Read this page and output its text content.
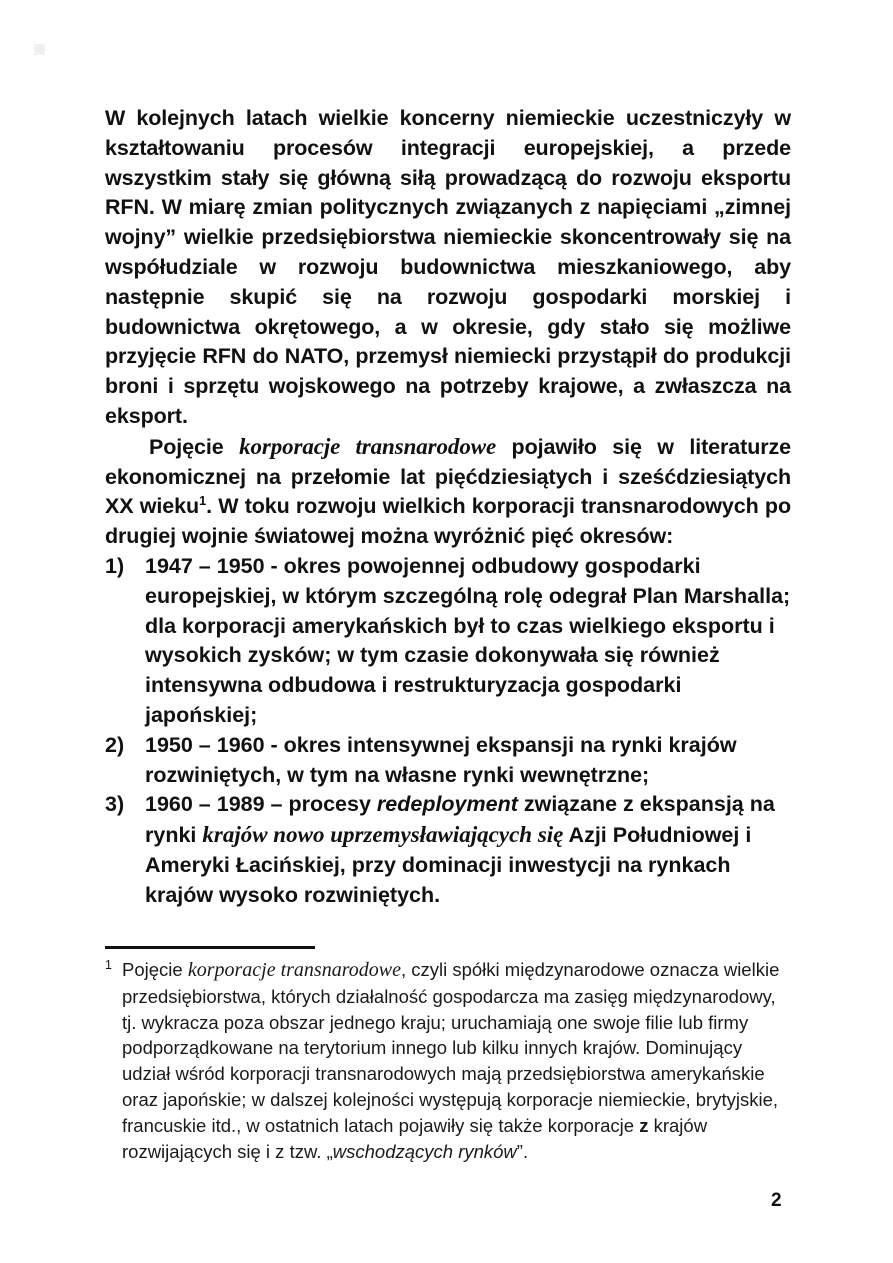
W kolejnych latach wielkie koncerny niemieckie uczestniczyły w kształtowaniu procesów integracji europejskiej, a przede wszystkim stały się główną siłą prowadzącą do rozwoju eksportu RFN. W miarę zmian politycznych związanych z napięciami „zimnej wojny” wielkie przedsiębiorstwa niemieckie skoncentrowały się na współudziale w rozwoju budownictwa mieszkaniowego, aby następnie skupić się na rozwoju gospodarki morskiej i budownictwa okrętowego, a w okresie, gdy stało się możliwe przyjęcie RFN do NATO, przemysł niemiecki przystąpił do produkcji broni i sprzętu wojskowego na potrzeby krajowe, a zwłaszcza na eksport.

Pojęcie korporacje transnarodowe pojawiło się w literaturze ekonomicznej na przełomie lat pięćdziesiątych i sześćdziesiątych XX wieku$^1$. W toku rozwoju wielkich korporacji transnarodowych po drugiej wojnie światowej można wyróżnić pięć okresów:

1) 1947 – 1950 - okres powojennej odbudowy gospodarki europejskiej, w którym szczególną rolę odegrał Plan Marshalla; dla korporacji amerykańskich był to czas wielkiego eksportu i wysokich zysków; w tym czasie dokonywała się również intensywna odbudowa i restrukturyzacja gospodarki japońskiej;
2) 1950 – 1960 - okres intensywnej ekspansji na rynki krajów rozwiniętych, w tym na własne rynki wewnętrzne;
3) 1960 – 1989 – procesy redeployment związane z ekspansją na rynki krajów nowo uprzemysławiających się Azji Południowej i Ameryki Łacińskiej, przy dominacji inwestycji na rynkach krajów wysoko rozwiniętych.
1 Pojęcie korporacje transnarodowe, czyli spółki międzynarodowe oznacza wielkie przedsiębiorstwa, których działalność gospodarcza ma zasięg międzynarodowy, tj. wykracza poza obszar jednego kraju; uruchamiają one swoje filie lub firmy podporządkowane na terytorium innego lub kilku innych krajów. Dominujący udział wśród korporacji transnarodowych mają przedsiębiorstwa amerykańskie oraz japońskie; w dalszej kolejności występują korporacje niemieckie, brytyjskie, francuskie itd., w ostatnich latach pojawiły się także korporacje z krajów rozwijających się i z tzw. „wschodzących rynków”.
2
